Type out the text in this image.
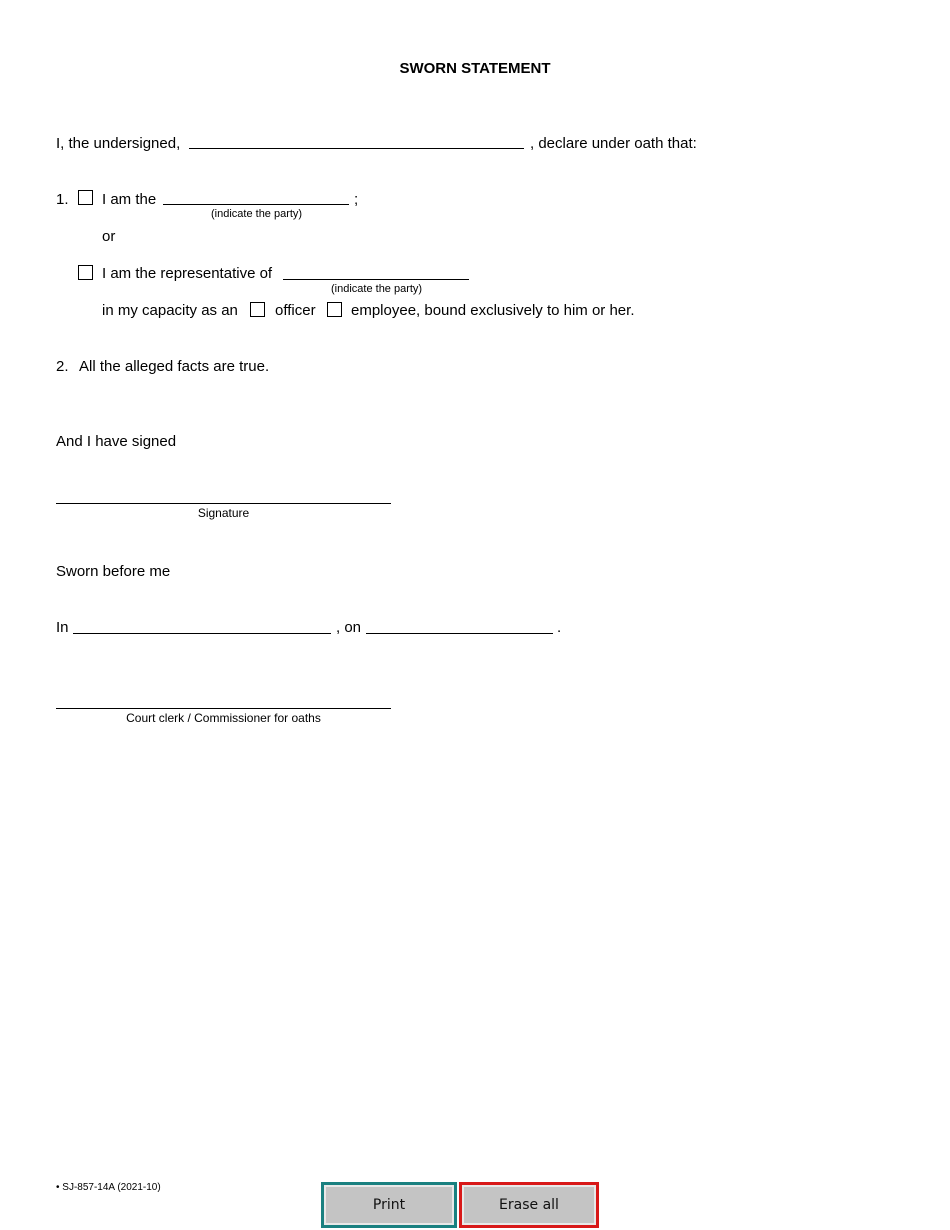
SWORN STATEMENT
I, the undersigned,	, declare under oath that:
1. I am the	;
(indicate the party)
or
I am the representative of
(indicate the party)
in my capacity as an officer employee, bound exclusively to him or her.
2. All the alleged facts are true.
And I have signed
Signature
Sworn before me
In	, on	.
Court clerk / Commissioner for oaths
• SJ-857-14A (2021-10)
Print	Erase all
